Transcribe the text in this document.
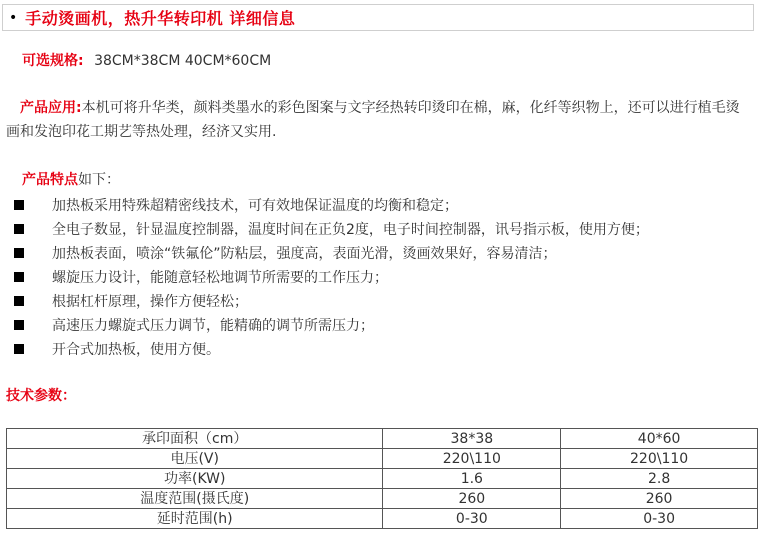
• 手动烫画机，热升华转印机 详细信息
可选规格: 38CM*38CM 40CM*60CM
产品应用:本机可将升华类，颜料类墨水的彩色图案与文字经热转印烫印在棉，麻，化纤等织物上，还可以进行植毛烫画和发泡印花工期艺等热处理，经济又实用.
产品特点如下：
加热板采用特殊超精密线技术，可有效地保证温度的均衡和稳定；
全电子数显，针显温度控制器，温度时间在正负2度，电子时间控制器，讯号指示板，使用方便；
加热板表面，喷涂“铁氟伦”防粘层，强度高，表面光滑，烫画效果好，容易清洁；
螺旋压力设计，能随意轻松地调节所需要的工作压力；
根据杠杆原理，操作方便轻松；
高速压力螺旋式压力调节，能精确的调节所需压力；
开合式加热板，使用方便。
技术参数：
承印面积（cm）	38*38	40*60
电压(V)	220\110	220\110
功率(KW)	1.6	2.8
温度范围(摄氏度)	260	260
延时范围(h)	0-30	0-30
